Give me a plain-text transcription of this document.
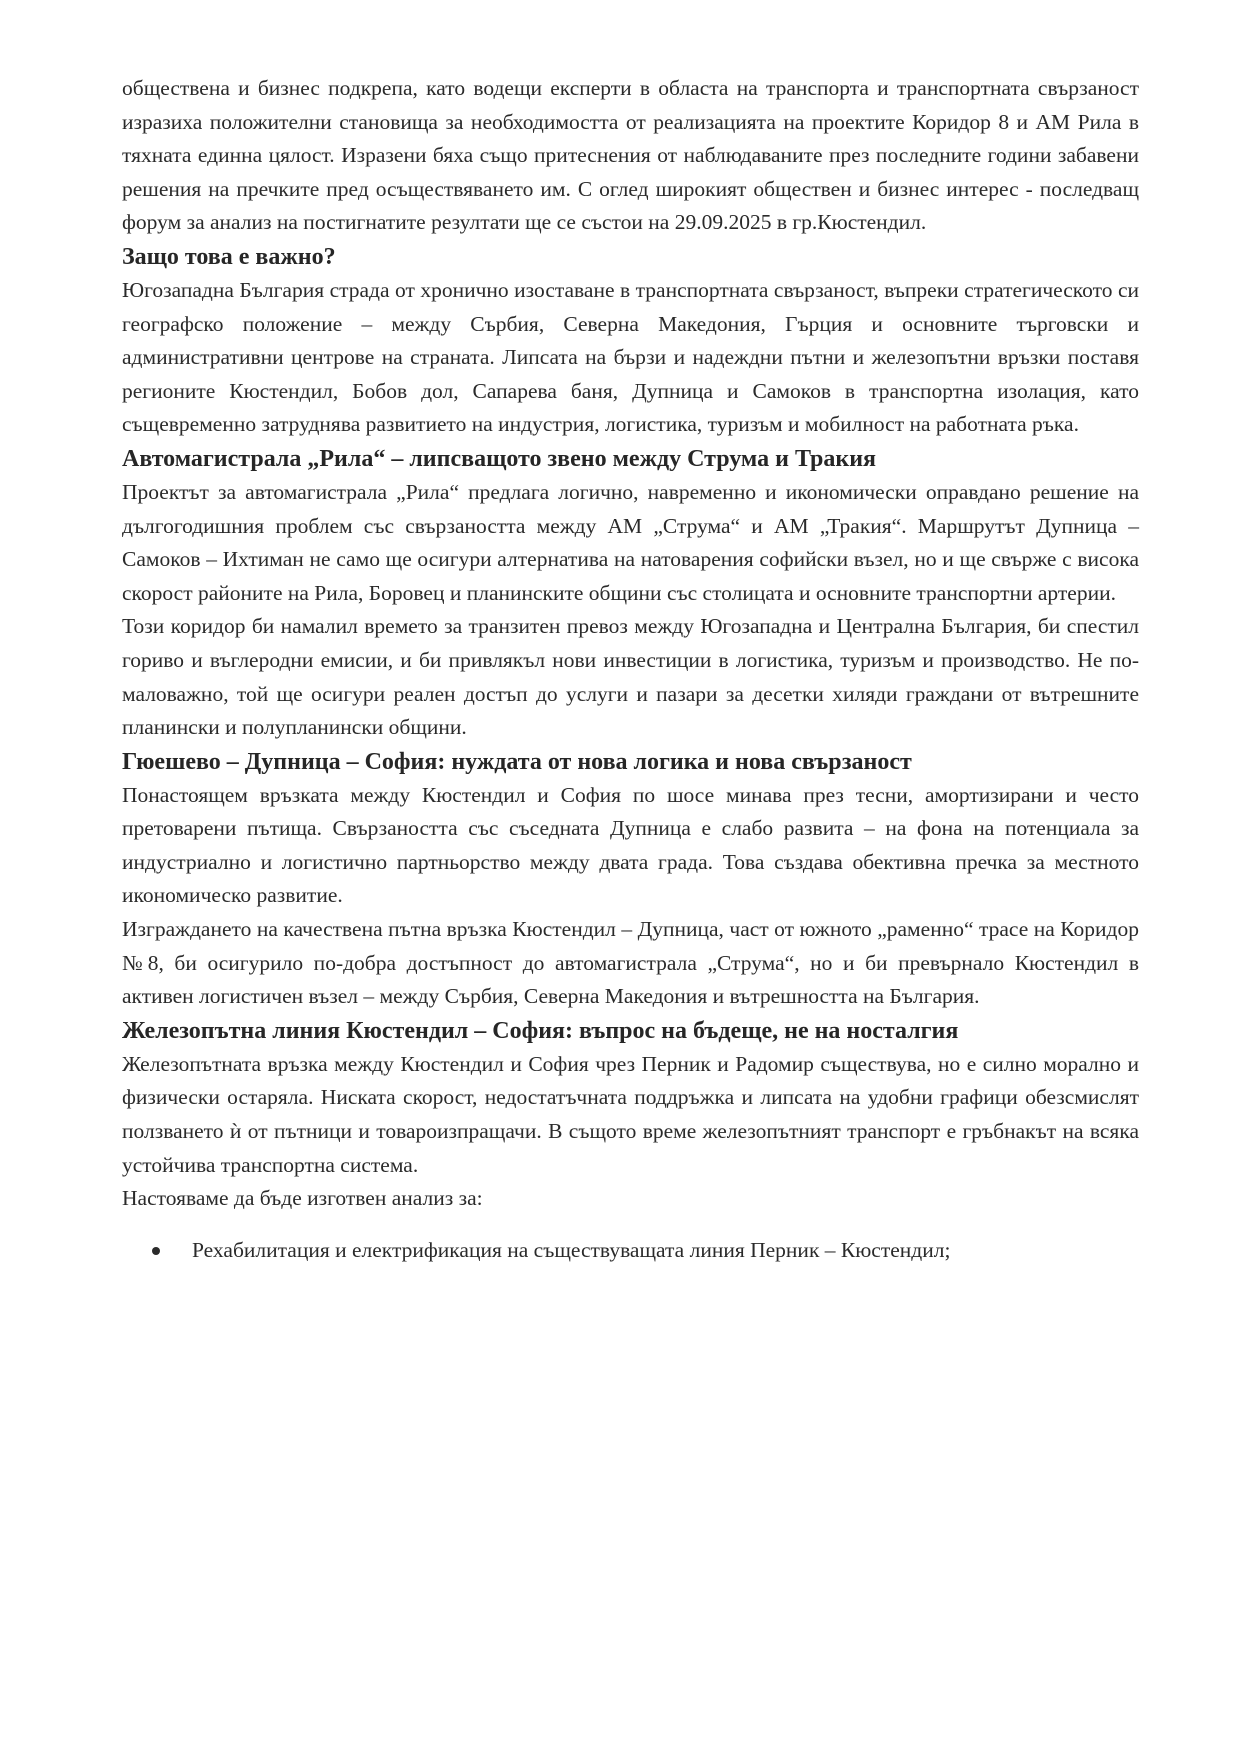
обществена и бизнес подкрепа, като водещи експерти в областа на транспорта и транспортната свързаност изразиха положителни становища за необходимостта от реализацията на проектите Коридор 8 и АМ Рила в тяхната единна цялост. Изразени бяха също притеснения от наблюдаваните през последните години забавени решения на пречките пред осъществяването им. С оглед широкият обществен и бизнес интерес - последващ форум за анализ на постигнатите резултати ще се състои на 29.09.2025 в гр.Кюстендил.

Защо това е важно?

Югозападна България страда от хронично изоставане в транспортната свързаност, въпреки стратегическото си географско положение – между Сърбия, Северна Македония, Гърция и основните търговски и административни центрове на страната. Липсата на бързи и надеждни пътни и железопътни връзки поставя регионите Кюстендил, Бобов дол, Сапарева баня, Дупница и Самоков в транспортна изолация, като същевременно затруднява развитието на индустрия, логистика, туризъм и мобилност на работната ръка.

Автомагистрала „Рила“ – липсващото звено между Струма и Тракия

Проектът за автомагистрала „Рила“ предлага логично, навременно и икономически оправдано решение на дългогодишния проблем със свързаността между АМ „Струма“ и АМ „Тракия“. Маршрутът Дупница – Самоков – Ихтиман не само ще осигури алтернатива на натоварения софийски възел, но и ще свърже с висока скорост районите на Рила, Боровец и планинските общини със столицата и основните транспортни артерии.

Този коридор би намалил времето за транзитен превоз между Югозападна и Централна България, би спестил гориво и въглеродни емисии, и би привлякъл нови инвестиции в логистика, туризъм и производство. Не по-маловажно, той ще осигури реален достъп до услуги и пазари за десетки хиляди граждани от вътрешните планински и полупланински общини.

Гюешево – Дупница – София: нуждата от нова логика и нова свързаност

Понастоящем връзката между Кюстендил и София по шосе минава през тесни, амортизирани и често претоварени пътища. Свързаността със съседната Дупница е слабо развита – на фона на потенциала за индустриално и логистично партньорство между двата града. Това създава обективна пречка за местното икономическо развитие.

Изграждането на качествена пътна връзка Кюстендил – Дупница, част от южното „раменно“ трасе на Коридор №8, би осигурило по-добра достъпност до автомагистрала „Струма“, но и би превърнало Кюстендил в активен логистичен възел – между Сърбия, Северна Македония и вътрешността на България.

Железопътна линия Кюстендил – София: въпрос на бъдеще, не на носталгия

Железопътната връзка между Кюстендил и София чрез Перник и Радомир съществува, но е силно морално и физически остаряла. Ниската скорост, недостатъчната поддръжка и липсата на удобни графици обезсмислят ползването ѝ от пътници и товароизпращачи. В същото време железопътният транспорт е гръбнакът на всяка устойчива транспортна система.

Настояваме да бъде изготвен анализ за:

Рехабилитация и електрификация на съществуващата линия Перник – Кюстендил;
